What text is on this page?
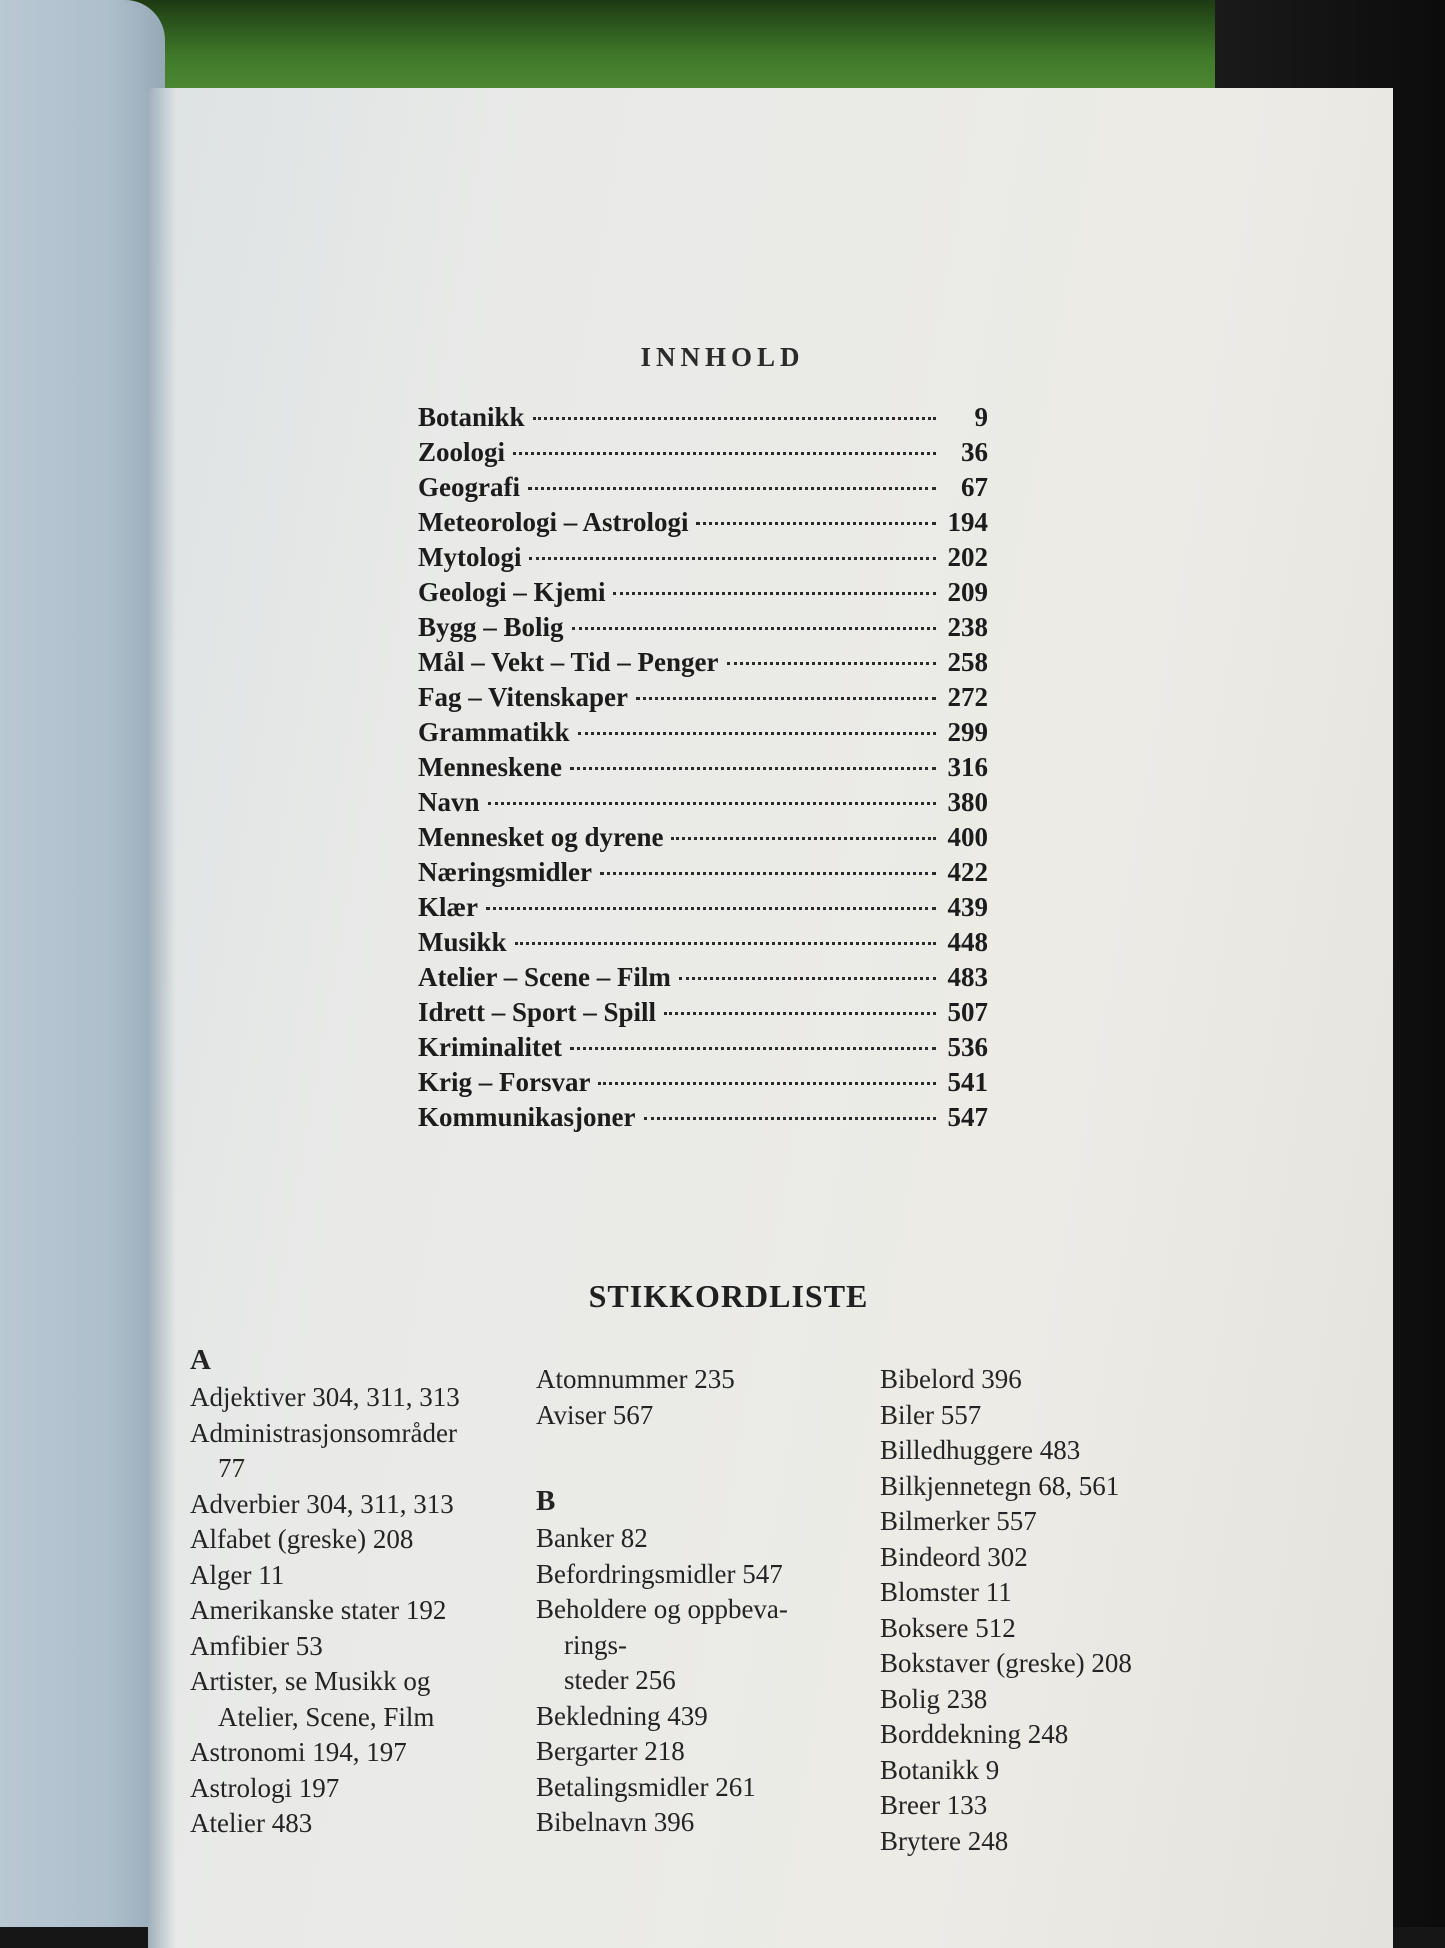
INNHOLD
Botanikk	9
Zoologi	36
Geografi	67
Meteorologi – Astrologi	194
Mytologi	202
Geologi – Kjemi	209
Bygg – Bolig	238
Mål – Vekt – Tid – Penger	258
Fag – Vitenskaper	272
Grammatikk	299
Menneskene	316
Navn	380
Mennesket og dyrene	400
Næringsmidler	422
Klær	439
Musikk	448
Atelier – Scene – Film	483
Idrett – Sport – Spill	507
Kriminalitet	536
Krig – Forsvar	541
Kommunikasjoner	547
STIKKORDLISTE
A
Adjektiver 304, 311, 313
Administrasjonsområder
77
Adverbier 304, 311, 313
Alfabet (greske) 208
Alger 11
Amerikanske stater 192
Amfibier 53
Artister, se Musikk og
Atelier, Scene, Film
Astronomi 194, 197
Astrologi 197
Atelier 483
Atomnummer 235
Aviser 567
B
Banker 82
Befordringsmidler 547
Beholdere og oppbeva-
rings-
steder 256
Bekledning 439
Bergarter 218
Betalingsmidler 261
Bibelnavn 396
Bibelord 396
Biler 557
Billedhuggere 483
Bilkjennetegn 68, 561
Bilmerker 557
Bindeord 302
Blomster 11
Boksere 512
Bokstaver (greske) 208
Bolig 238
Borddekning 248
Botanikk 9
Breer 133
Brytere 248
